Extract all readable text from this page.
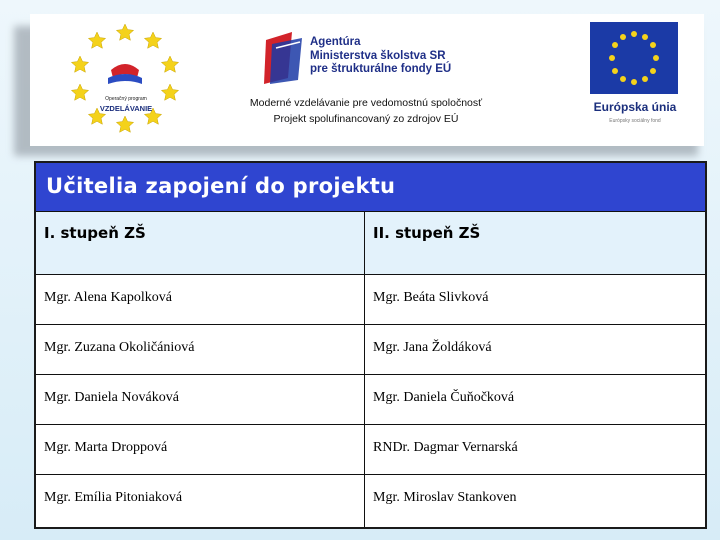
Operačný program
VZDELÁVANIE
Agentúra
Ministerstva školstva SR
pre štrukturálne fondy EÚ
Moderné vzdelávanie pre vedomostnú spoločnosť
Projekt spolufinancovaný zo zdrojov EÚ
Európska únia
Európsky sociálny fond
Učitelia zapojení do projektu
I. stupeň ZŠ	II. stupeň ZŠ
Mgr. Alena Kapolková	Mgr. Beáta Slivková
Mgr. Zuzana Okoličániová	Mgr. Jana Žoldáková
Mgr. Daniela Nováková	Mgr. Daniela Čuňočková
Mgr. Marta Droppová	RNDr. Dagmar Vernarská
Mgr. Emília Pitoniaková	Mgr. Miroslav Stankoven
